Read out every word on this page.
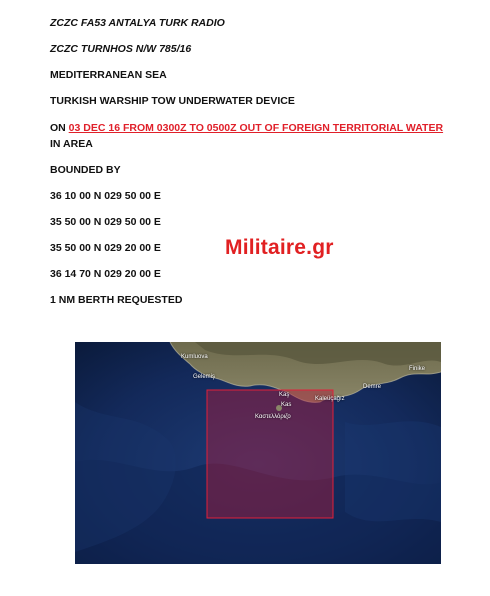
ZCZC FA53 ANTALYA TURK RADIO
ZCZC TURNHOS N/W 785/16
MEDITERRANEAN SEA
TURKISH WARSHIP TOW UNDERWATER DEVICE
ON 03 DEC 16 FROM 0300Z TO 0500Z OUT OF FOREIGN TERRITORIAL WATER IN AREA
BOUNDED BY
36 10 00 N 029 50 00 E
35 50 00 N 029 50 00 E
35 50 00 N 029 20 00 E
36 14 70 N 029 20 00 E
1 NM BERTH REQUESTED
Militaire.gr
Kumluova
Gelemiş
Kaş
Kas
Kaleüçağız
Καστελλόριζο
Demre
Finike
